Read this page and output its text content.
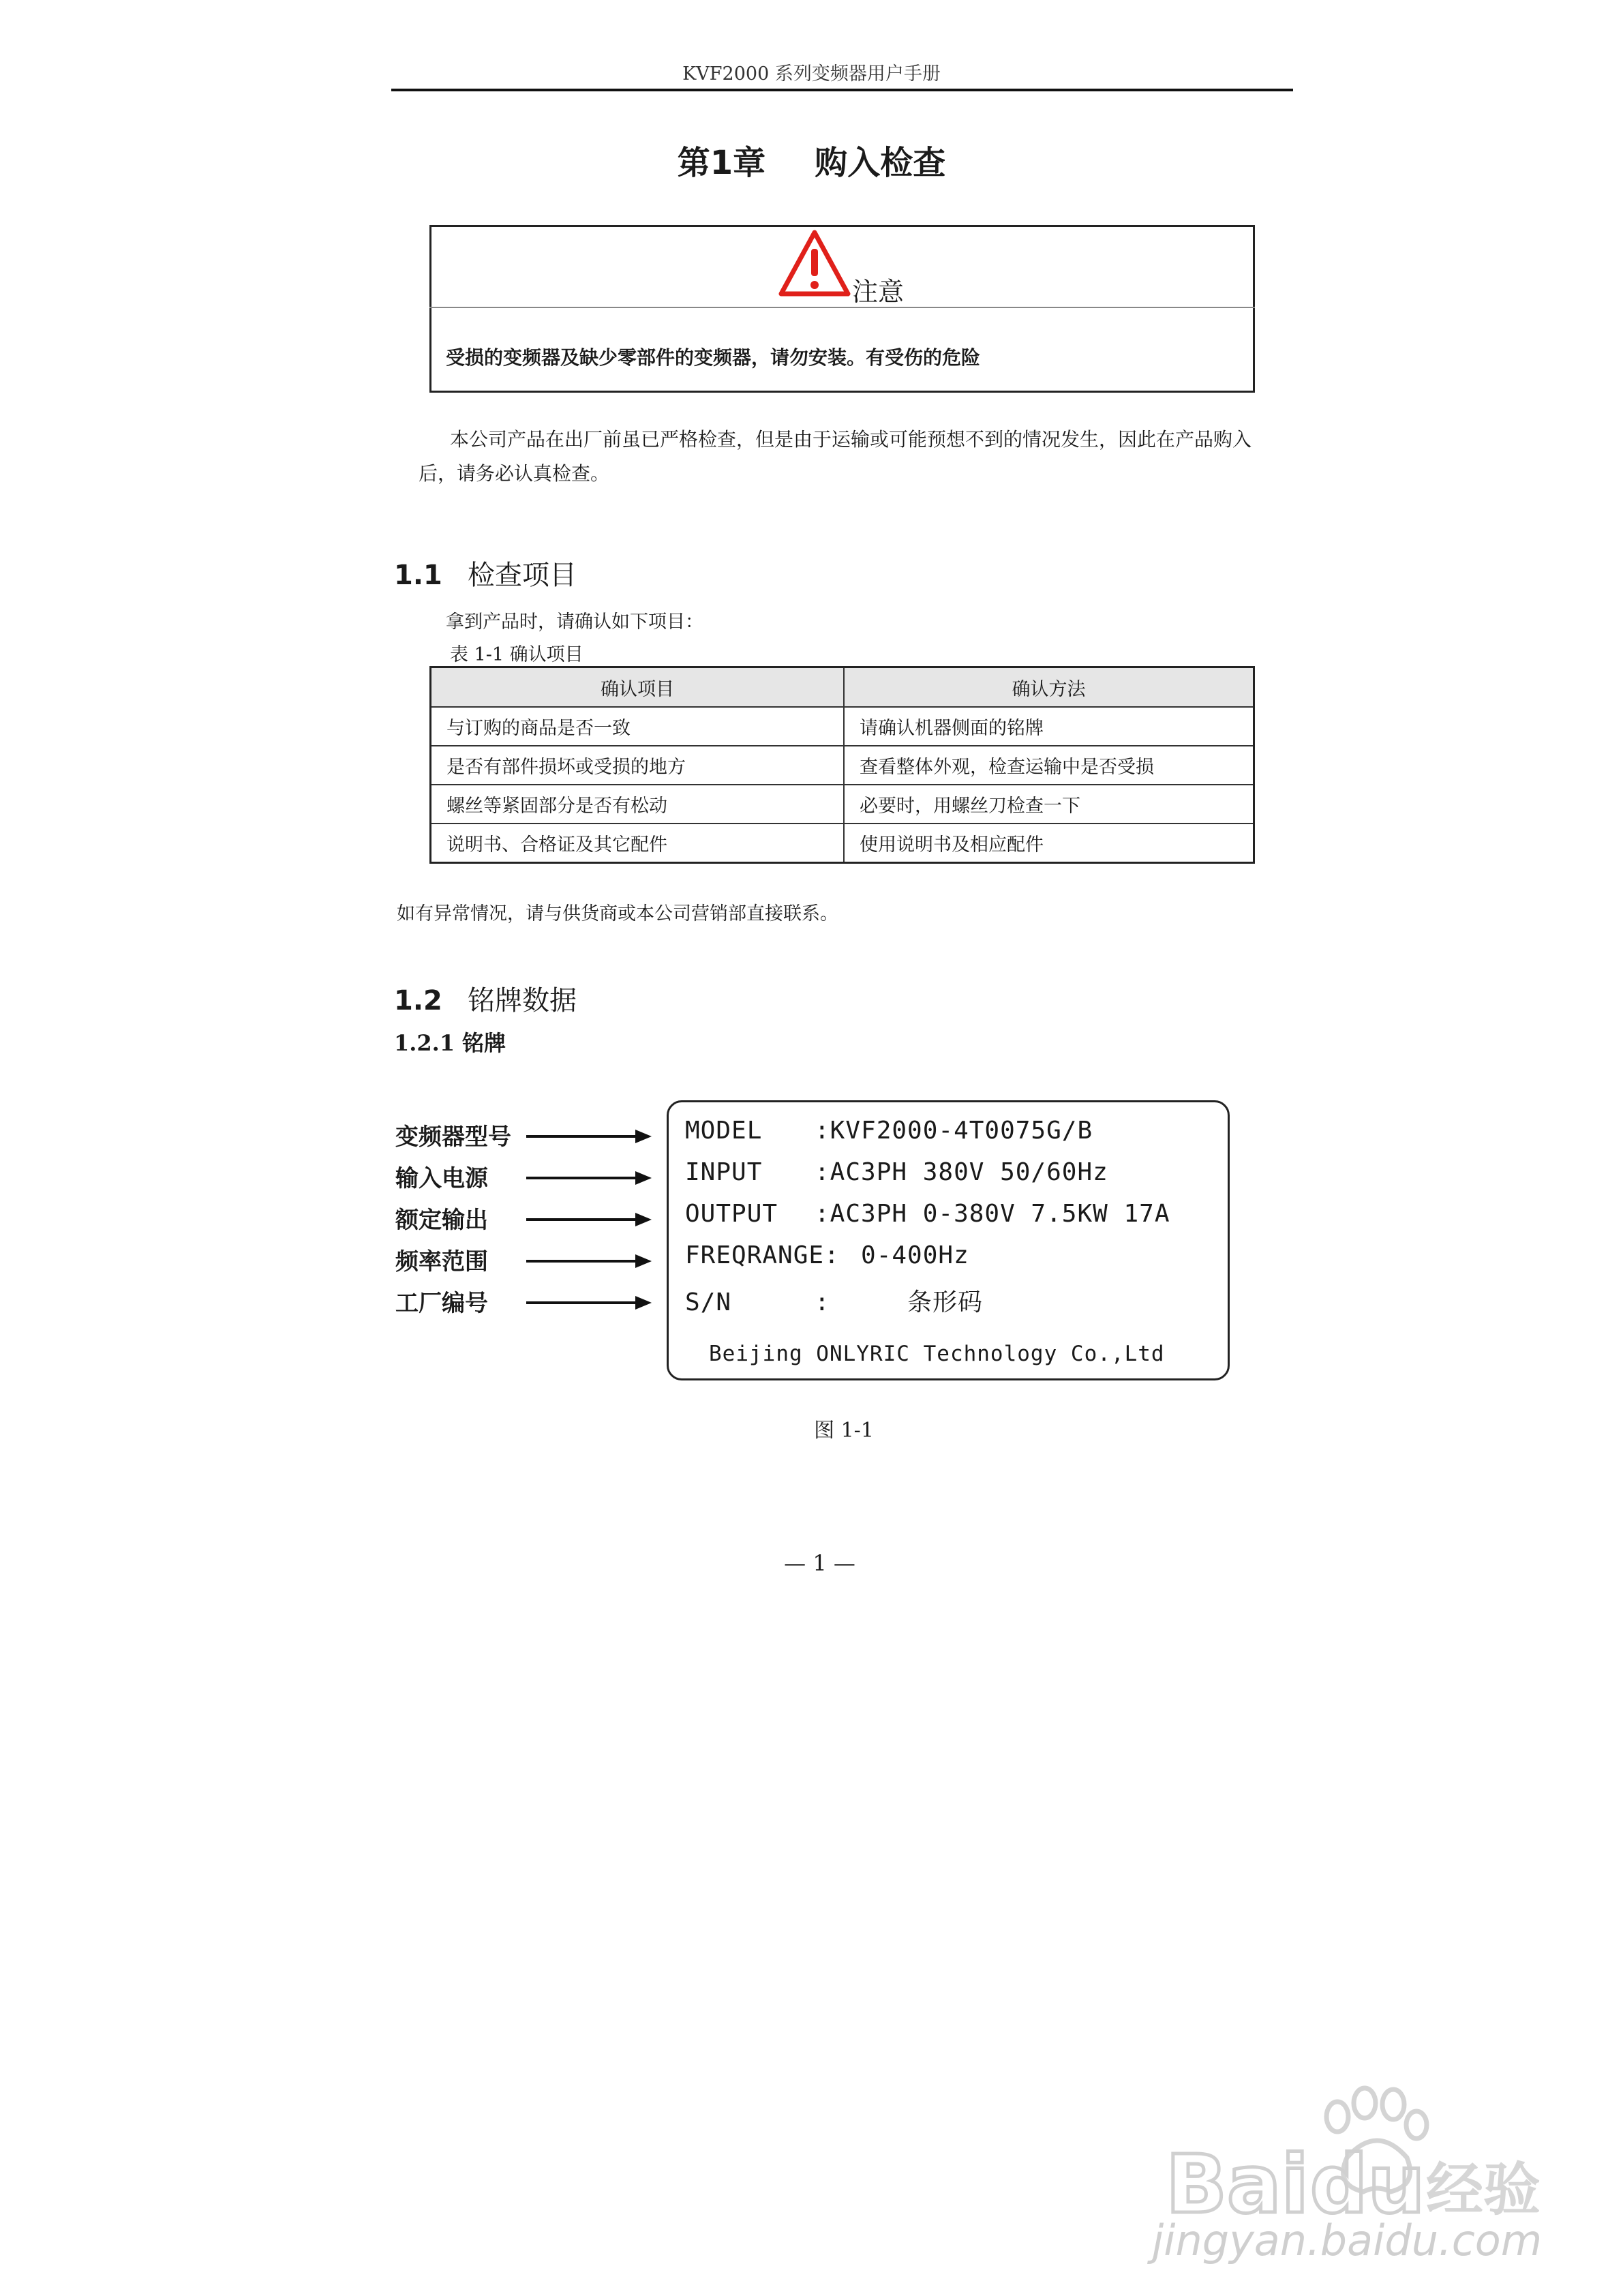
KVF2000 系列变频器用户手册
第1章 购入检查
注意
受损的变频器及缺少零部件的变频器，请勿安装。有受伤的危险
本公司产品在出厂前虽已严格检查，但是由于运输或可能预想不到的情况发生，因此在产品购入后，请务必认真检查。
1.1 检查项目
拿到产品时，请确认如下项目：
表 1-1 确认项目
确认项目	确认方法
与订购的商品是否一致	请确认机器侧面的铭牌
是否有部件损坏或受损的地方	查看整体外观，检查运输中是否受损
螺丝等紧固部分是否有松动	必要时，用螺丝刀检查一下
说明书、合格证及其它配件	使用说明书及相应配件
如有异常情况，请与供货商或本公司营销部直接联系。
1.2 铭牌数据
1.2.1 铭牌
变频器型号
输入电源
额定输出
频率范围
工厂编号
MODEL :KVF2000-4T0075G/B
INPUT :AC3PH 380V 50/60Hz
OUTPUT :AC3PH 0-380V 7.5KW 17A
FREQRANGE:   0-400Hz
S/N	:     条形码
Beijing ONLYRIC Technology Co.,Ltd
图 1-1
— 1 —
Bai du 经验
jingyan.baidu.com
